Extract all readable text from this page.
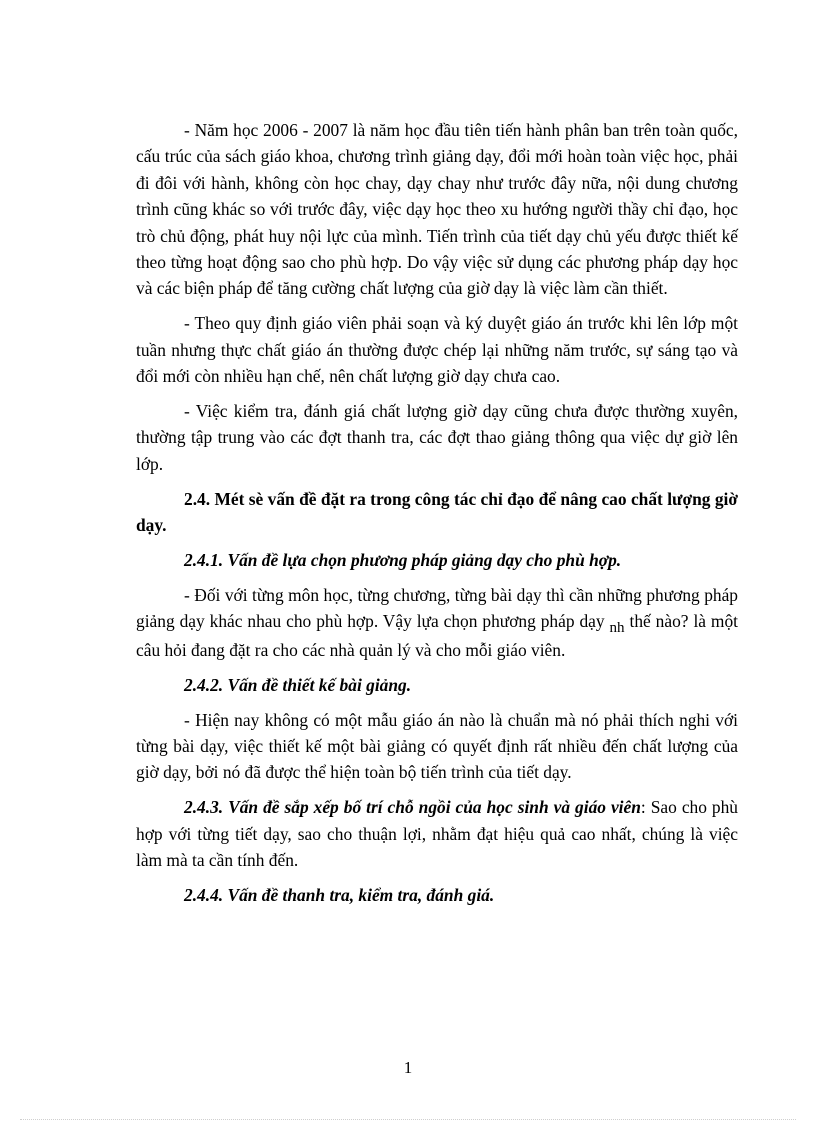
- Năm học 2006 - 2007 là năm học đầu tiên tiến hành phân ban trên toàn quốc, cấu trúc của sách giáo khoa, chương trình giảng dạy, đổi mới hoàn toàn việc học, phải đi đôi với hành, không còn học chay, dạy chay như trước đây nữa, nội dung chương trình cũng khác so với trước đây, việc dạy học theo xu hướng người thầy chỉ đạo, học trò chủ động, phát huy nội lực của mình. Tiến trình của tiết dạy chủ yếu được thiết kế theo từng hoạt động sao cho phù hợp. Do vậy việc sử dụng các phương pháp dạy học và các biện pháp để tăng cường chất lượng của giờ dạy là việc làm cần thiết.

- Theo quy định giáo viên phải soạn và ký duyệt giáo án trước khi lên lớp một tuần nhưng thực chất giáo án thường được chép lại những năm trước, sự sáng tạo và đổi mới còn nhiều hạn chế, nên chất lượng giờ dạy chưa cao.

- Việc kiểm tra, đánh giá chất lượng giờ dạy cũng chưa được thường xuyên, thường tập trung vào các đợt thanh tra, các đợt thao giảng thông qua việc dự giờ lên lớp.

2.4. Mét sè vấn đề đặt ra trong công tác chỉ đạo để nâng cao chất lượng giờ dạy.

2.4.1. Vấn đề lựa chọn phương pháp giảng dạy cho phù hợp.

- Đối với từng môn học, từng chương, từng bài dạy thì cần những phương pháp giảng dạy khác nhau cho phù hợp. Vậy lựa chọn phương pháp dạy nh thế nào? là một câu hỏi đang đặt ra cho các nhà quản lý và cho mỗi giáo viên.

2.4.2. Vấn đề thiết kế bài giảng.

- Hiện nay không có một mẫu giáo án nào là chuẩn mà nó phải thích nghi với từng bài dạy, việc thiết kế một bài giảng có quyết định rất nhiều đến chất lượng của giờ dạy, bởi nó đã được thể hiện toàn bộ tiến trình của tiết dạy.

2.4.3. Vấn đề sắp xếp bố trí chỗ ngồi của học sinh và giáo viên: Sao cho phù hợp với từng tiết dạy, sao cho thuận lợi, nhằm đạt hiệu quả cao nhất, chúng là việc làm mà ta cần tính đến.

2.4.4. Vấn đề thanh tra, kiểm tra, đánh giá.

1
